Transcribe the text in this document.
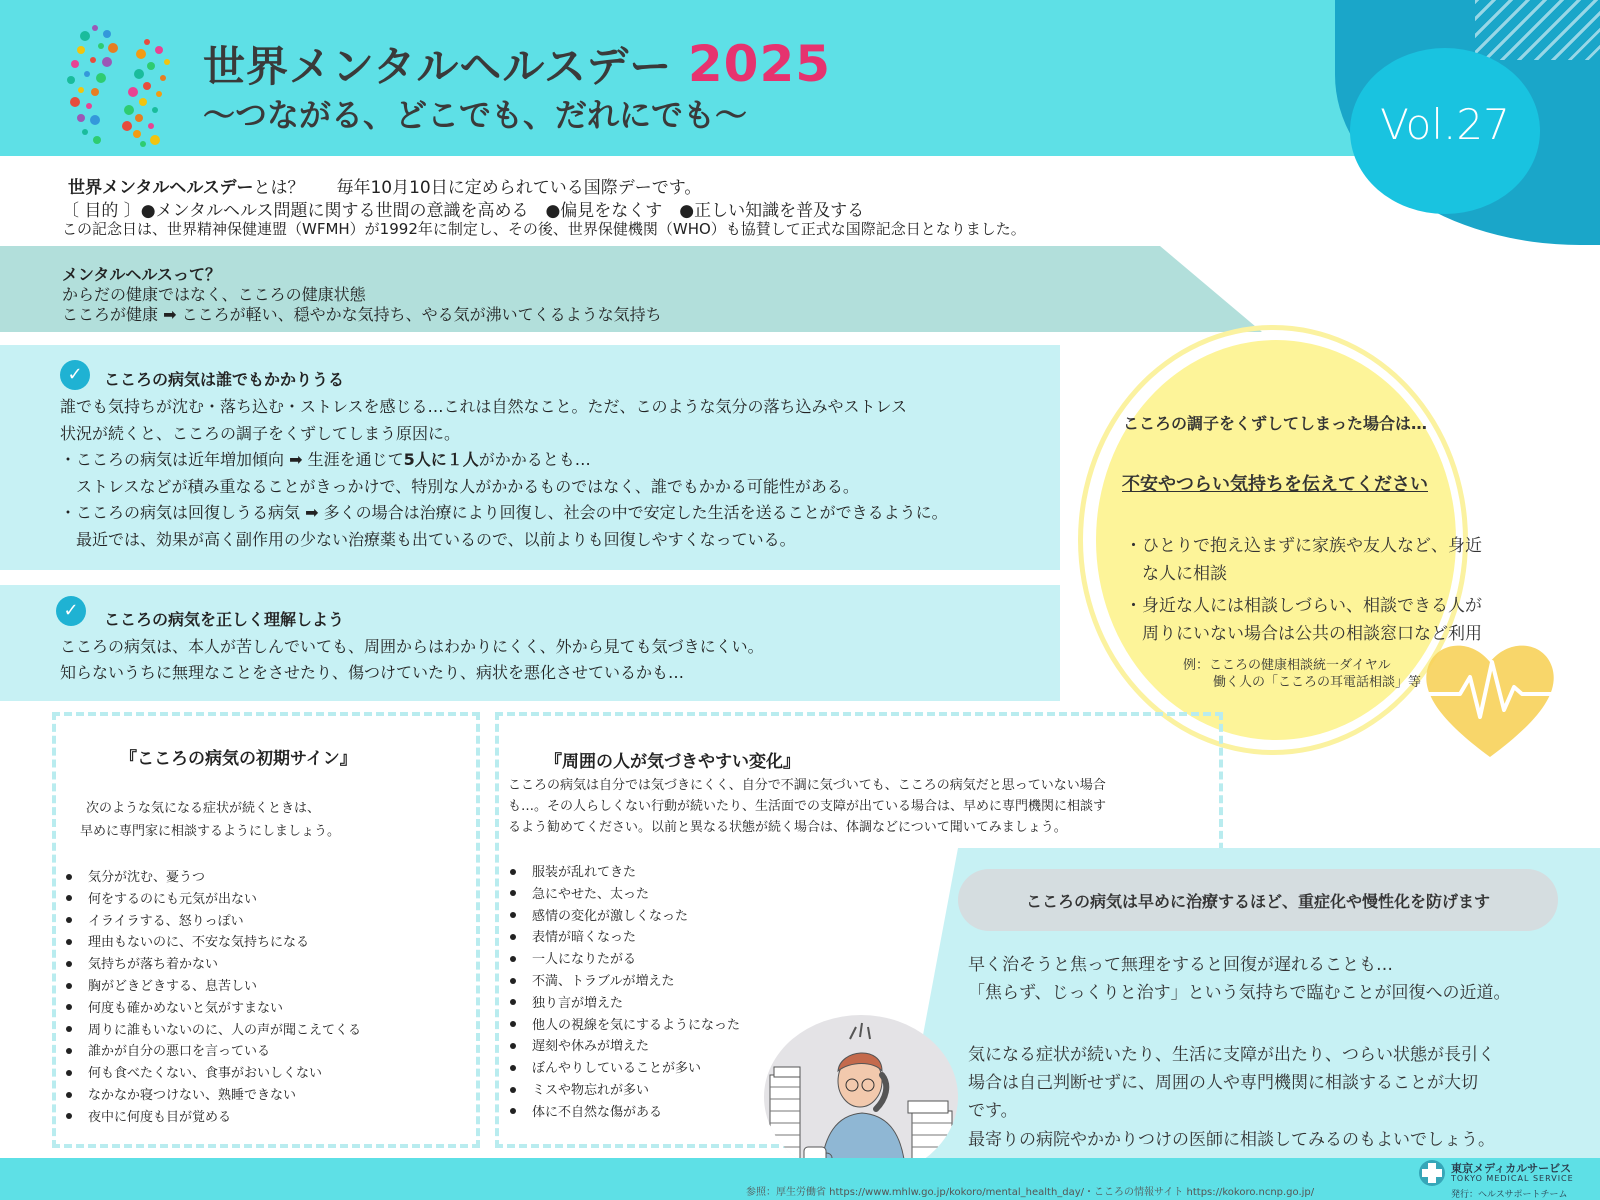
Vol.27
世界メンタルヘルスデー 2025
〜つながる、どこでも、だれにでも〜
世界メンタルヘルスデーとは？ 毎年10月10日に定められている国際デーです。
〔 目的 〕●メンタルヘルス問題に関する世間の意識を高める　●偏見をなくす　●正しい知識を普及する
この記念日は、世界精神保健連盟（WFMH）が1992年に制定し、その後、世界保健機関（WHO）も協賛して正式な国際記念日となりました。
メンタルヘルスって？
からだの健康ではなく、こころの健康状態
こころが健康 ➡ こころが軽い、穏やかな気持ち、やる気が沸いてくるような気持ち
✓	こころの病気は誰でもかかりうる
誰でも気持ちが沈む・落ち込む・ストレスを感じる…これは自然なこと。ただ、このような気分の落ち込みやストレス
状況が続くと、こころの調子をくずしてしまう原因に。
・こころの病気は近年増加傾向 ➡ 生涯を通じて5人に１人がかかるとも…
ストレスなどが積み重なることがきっかけで、特別な人がかかるものではなく、誰でもかかる可能性がある。
・こころの病気は回復しうる病気 ➡ 多くの場合は治療により回復し、社会の中で安定した生活を送ることができるように。
最近では、効果が高く副作用の少ない治療薬も出ているので、以前よりも回復しやすくなっている。
✓	こころの病気を正しく理解しよう
こころの病気は、本人が苦しんでいても、周囲からはわかりにくく、外から見ても気づきにくい。
知らないうちに無理なことをさせたり、傷つけていたり、病状を悪化させているかも…
こころの調子をくずしてしまった場合は…
不安やつらい気持ちを伝えてください
・ひとりで抱え込まずに家族や友人など、身近
な人に相談
・身近な人には相談しづらい、相談できる人が
周りにいない場合は公共の相談窓口など利用
例：こころの健康相談統一ダイヤル
働く人の「こころの耳電話相談」等
『こころの病気の初期サイン』
次のような気になる症状が続くときは、
早めに専門家に相談するようにしましょう。
気分が沈む、憂うつ
何をするのにも元気が出ない
イライラする、怒りっぽい
理由もないのに、不安な気持ちになる
気持ちが落ち着かない
胸がどきどきする、息苦しい
何度も確かめないと気がすまない
周りに誰もいないのに、人の声が聞こえてくる
誰かが自分の悪口を言っている
何も食べたくない、食事がおいしくない
なかなか寝つけない、熟睡できない
夜中に何度も目が覚める
『周囲の人が気づきやすい変化』
こころの病気は自分では気づきにくく、自分で不調に気づいても、こころの病気だと思っていない場合
も…。その人らしくない行動が続いたり、生活面での支障が出ている場合は、早めに専門機関に相談す
るよう勧めてください。以前と異なる状態が続く場合は、体調などについて聞いてみましょう。
服装が乱れてきた
急にやせた、太った
感情の変化が激しくなった
表情が暗くなった
一人になりたがる
不満、トラブルが増えた
独り言が増えた
他人の視線を気にするようになった
遅刻や休みが増えた
ぼんやりしていることが多い
ミスや物忘れが多い
体に不自然な傷がある
こころの病気は早めに治療するほど、重症化や慢性化を防げます
早く治そうと焦って無理をすると回復が遅れることも…
「焦らず、じっくりと治す」という気持ちで臨むことが回復への近道。
気になる症状が続いたり、生活に支障が出たり、つらい状態が長引く
場合は自己判断せずに、周囲の人や専門機関に相談することが大切
です。
最寄りの病院やかかりつけの医師に相談してみるのもよいでしょう。
参照：厚生労働省 https://www.mhlw.go.jp/kokoro/mental_health_day/・こころの情報サイト https://kokoro.ncnp.go.jp/
東京メディカルサービス
TOKYO MEDICAL SERVICE
発行：ヘルスサポートチーム
